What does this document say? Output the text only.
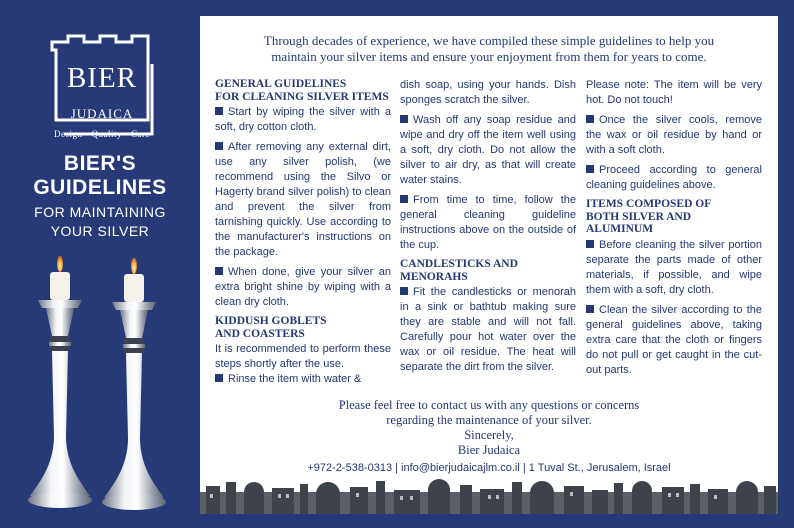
BIER
JUDAICA
Design · Quality · Care
BIER'S
GUIDELINES
FOR MAINTAINING
YOUR SILVER
Through decades of experience, we have compiled these simple guidelines to help you
maintain your silver items and ensure your enjoyment from them for years to come.
GENERAL GUIDELINES
FOR CLEANING SILVER ITEMS

Start by wiping the silver with a soft, dry cotton cloth.

After removing any external dirt, use any silver polish, (we recommend using the Silvo or Hagerty brand silver polish) to clean and prevent the silver from tarnishing quickly. Use according to the manufacturer's instructions on the package.

When done, give your silver an extra bright shine by wiping with a clean dry cloth.

KIDDUSH GOBLETS
AND COASTERS

It is recommended to perform these steps shortly after the use.

Rinse the item with water &

dish soap, using your hands. Dish sponges scratch the silver.

Wash off any soap residue and wipe and dry off the item well using a soft, dry cloth. Do not allow the silver to air dry, as that will create water stains.

From time to time, follow the general cleaning guideline instructions above on the outside of the cup.

CANDLESTICKS AND
MENORAHS

Fit the candlesticks or menorah in a sink or bathtub making sure they are stable and will not fall. Carefully pour hot water over the wax or oil residue. The heat will separate the dirt from the silver.

Please note: The item will be very hot. Do not touch!

Once the silver cools, remove the wax or oil residue by hand or with a soft cloth.

Proceed according to general cleaning guidelines above.

ITEMS COMPOSED OF
BOTH SILVER AND
ALUMINUM

Before cleaning the silver portion separate the parts made of other materials, if possible, and wipe them with a soft, dry cloth.

Clean the silver according to the general guidelines above, taking extra care that the cloth or fingers do not pull or get caught in the cut-out parts.

Please feel free to contact us with any questions or concerns
regarding the maintenance of your silver.
Sincerely,
Bier Judaica
+972-2-538-0313 | info@bierjudaicajlm.co.il | 1 Tuval St., Jerusalem, Israel
